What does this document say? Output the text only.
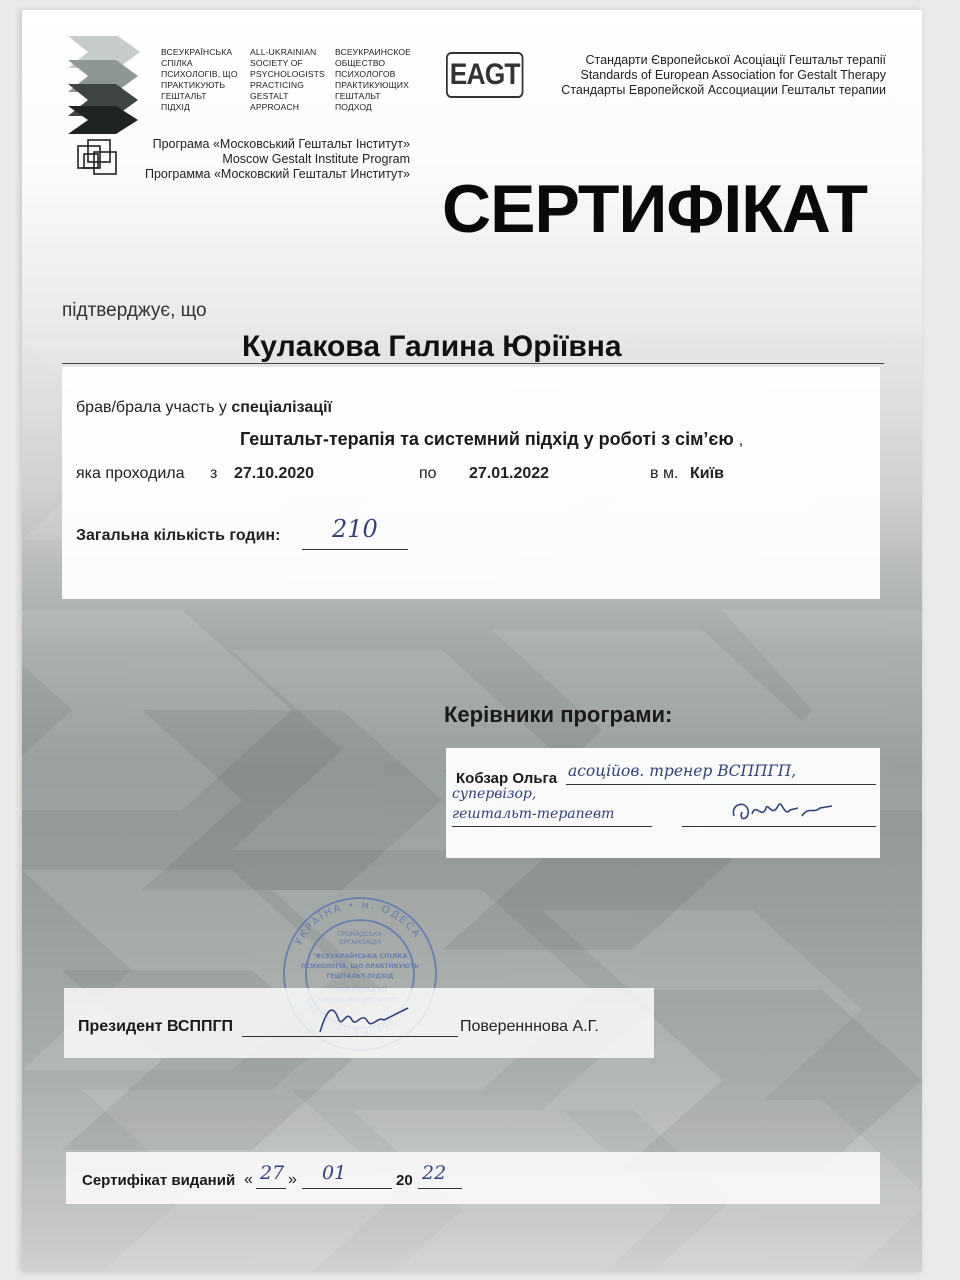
ВСЕУКРАЇНСЬКА
СПІЛКА
ПСИХОЛОГІВ, ЩО
ПРАКТИКУЮТЬ
ГЕШТАЛЬТ
ПІДХІД
ALL-UKRAINIAN
SOCIETY OF
PSYCHOLOGISTS
PRACTICING
GESTALT
APPROACH
ВСЕУКРАИНСКОЕ
ОБЩЕСТВО
ПСИХОЛОГОВ
ПРАКТИКУЮЩИХ
ГЕШТАЛЬТ
ПОДХОД
EAGT	Стандарти Європейської Асоціації Гештальт терапії
Standards of European Association for Gestalt Therapy
Стандарты Европейской Ассоциации Гештальт терапии
Програма «Московський Гештальт Інститут»
Moscow Gestalt Institute Program
Программа «Московский Гештальт Институт» СЕРТИФІКАТ
підтверджує, що
Кулакова Галина Юріївна
брав/брала участь у спеціалізації
Гештальт-терапія та системний підхід у роботі з сім’єю ,
яка проходила з 27.10.2020	по 27.01.2022	в м. Київ
Загальна кількість годин: 210
Керівники програми:
Кобзар Ольга асоційов. тренер ВСППГП,
супервізор,
гештальт-терапевт
УКРАЇНА • м. ОДЕСА
ГРОМАДСЬКА
ОРГАНІЗАЦІЯ
"ВСЕУКРАЇНСЬКА СПІЛКА
ПСИХОЛОГІВ, ЩО ПРАКТИКУЮТЬ
ГЕШТАЛЬТ-ПІДХІД
Президент ВСППГП	Поверенннова А.Г.
Сертифікат виданий « 27 » 01	20 22
